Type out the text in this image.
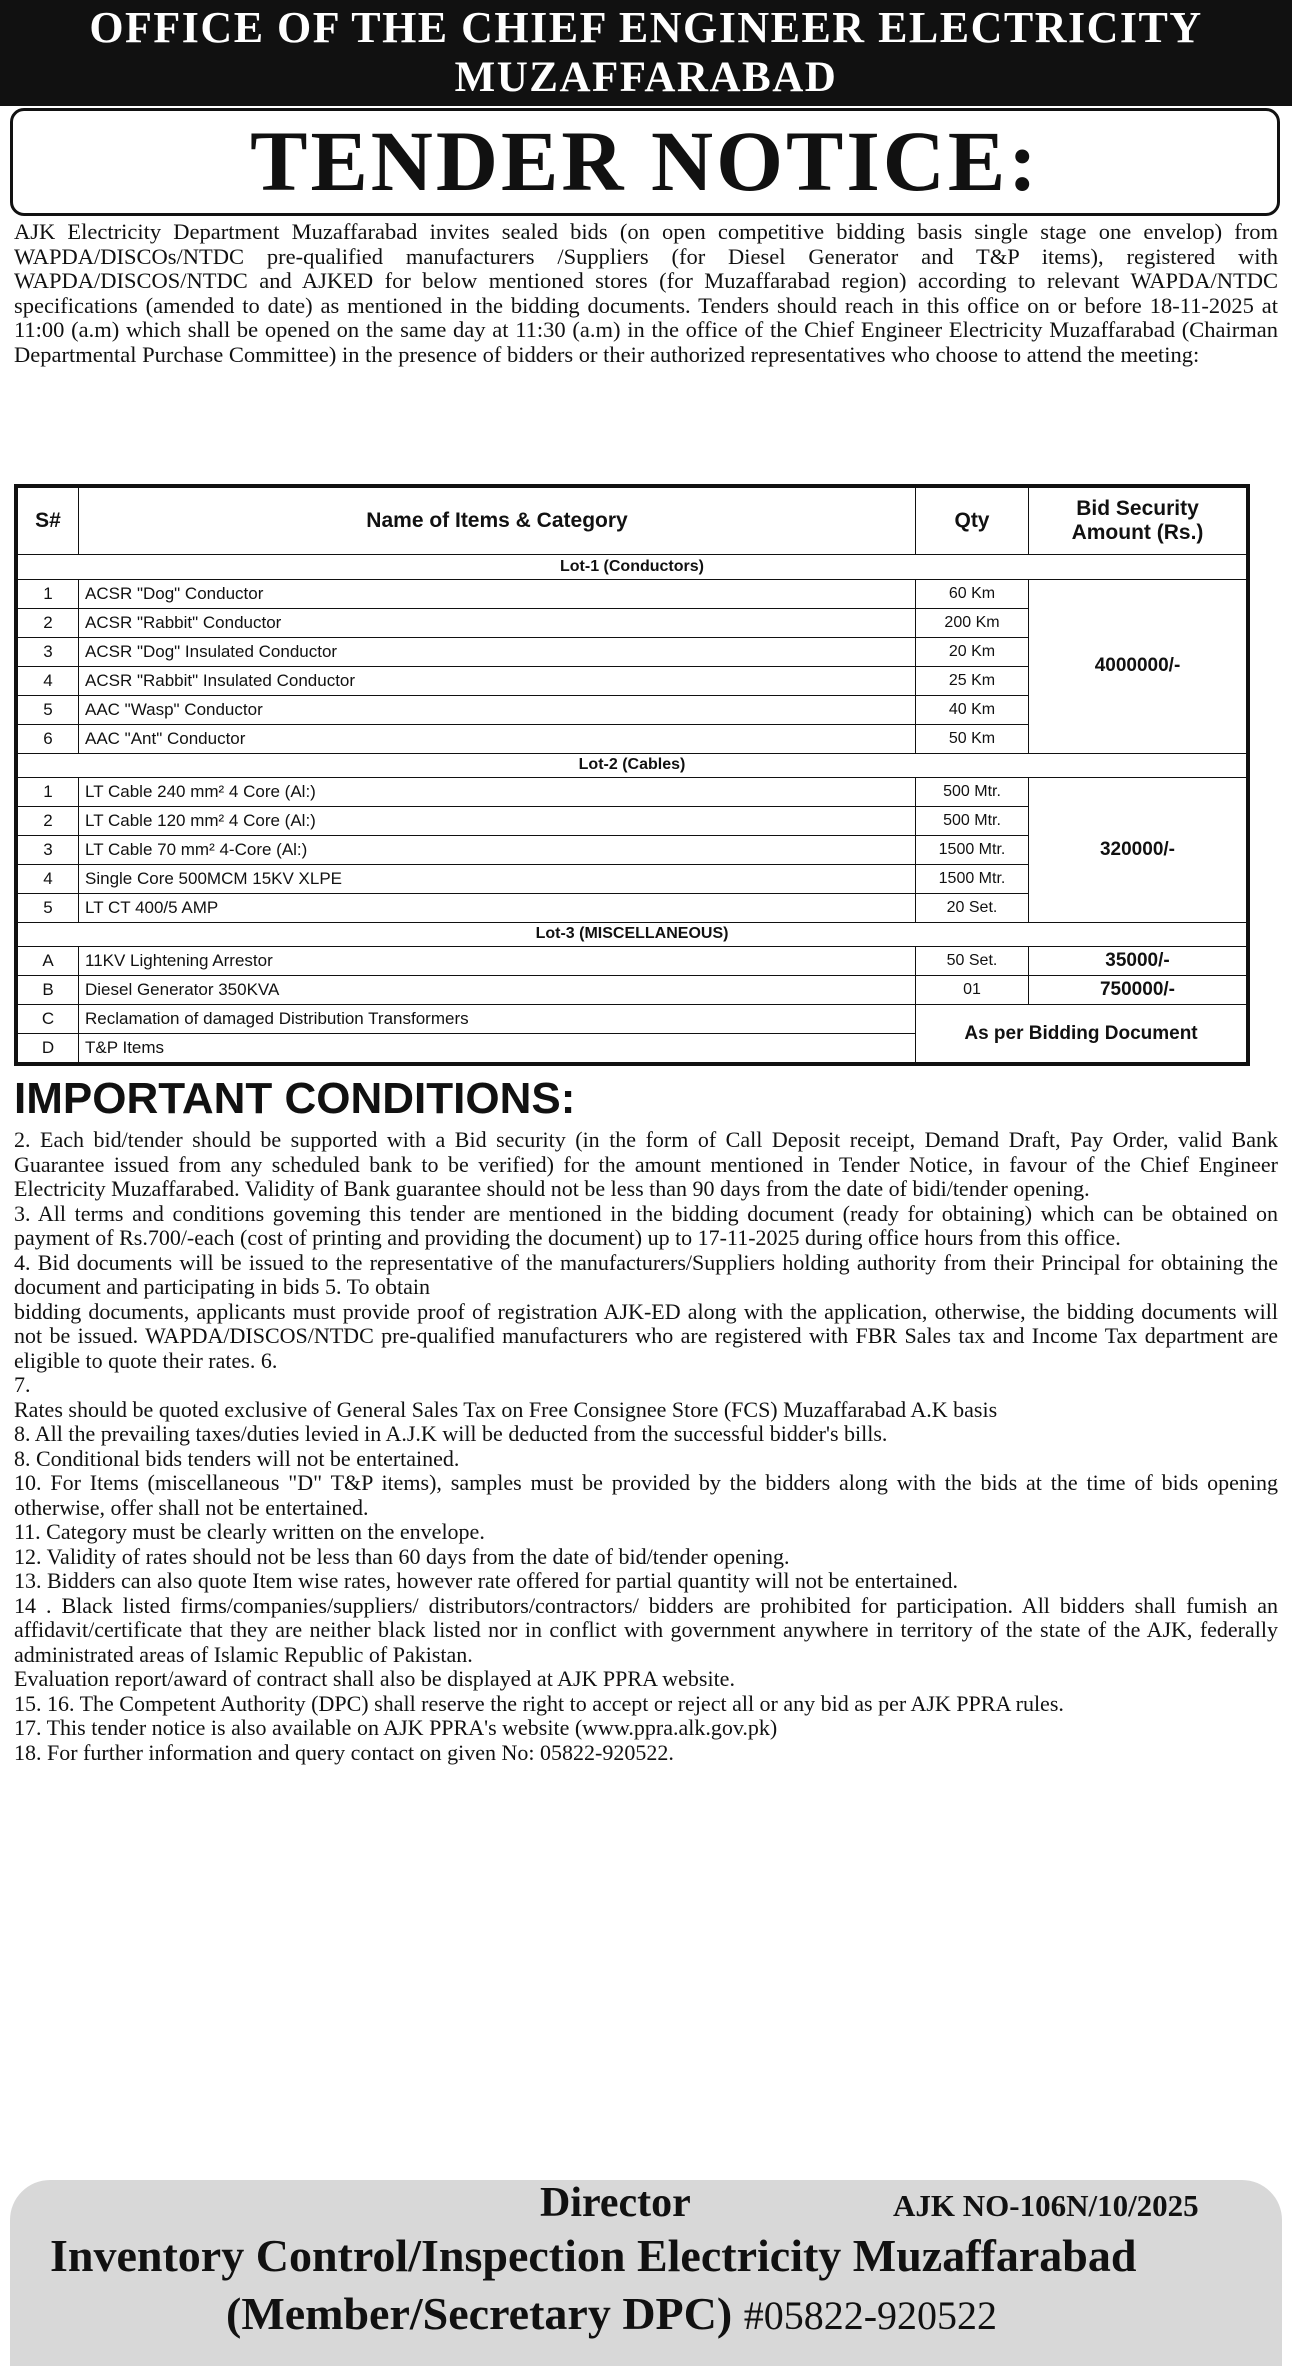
OFFICE OF THE CHIEF ENGINEER ELECTRICITY
MUZAFFARABAD
TENDER NOTICE:
AJK Electricity Department Muzaffarabad invites sealed bids (on open competitive bidding basis single stage one envelop) from WAPDA/DISCOs/NTDC pre-qualified manufacturers /Suppliers (for Diesel Generator and T&P items), registered with WAPDA/DISCOS/NTDC and AJKED for below mentioned stores (for Muzaffarabad region) according to relevant WAPDA/NTDC specifications (amended to date) as mentioned in the bidding documents. Tenders should reach in this office on or before 18-11-2025 at 11:00 (a.m) which shall be opened on the same day at 11:30 (a.m) in the office of the Chief Engineer Electricity Muzaffarabad (Chairman Departmental Purchase Committee) in the presence of bidders or their authorized representatives who choose to attend the meeting:
S#	Name of Items & Category	Qty	Bid Security Amount (Rs.)
Lot-1 (Conductors)			
1	ACSR "Dog" Conductor	60 Km	4000000/-
2	ACSR "Rabbit" Conductor	200 Km	
3	ACSR "Dog" Insulated Conductor	20 Km	
4	ACSR "Rabbit" Insulated Conductor	25 Km	
5	AAC "Wasp" Conductor	40 Km	
6	AAC "Ant" Conductor	50 Km	
Lot-2 (Cables)			
1	LT Cable 240 mm² 4 Core (Al:)	500 Mtr.	320000/-
2	LT Cable 120 mm² 4 Core (Al:)	500 Mtr.	
3	LT Cable 70 mm² 4-Core (Al:)	1500 Mtr.	
4	Single Core 500MCM 15KV XLPE	1500 Mtr.	
5	LT CT 400/5 AMP	20 Set.	
Lot-3 (MISCELLANEOUS)			
A	11KV Lightening Arrestor	50 Set.	35000/-
B	Diesel Generator 350KVA	01	750000/-
C	Reclamation of damaged Distribution Transformers	As per Bidding Document	
D	T&P Items		
IMPORTANT CONDITIONS:

2. Each bid/tender should be supported with a Bid security (in the form of Call Deposit receipt, Demand Draft, Pay Order, valid Bank Guarantee issued from any scheduled bank to be verified) for the amount mentioned in Tender Notice, in favour of the Chief Engineer Electricity Muzaffarabed. Validity of Bank guarantee should not be less than 90 days from the date of bidi/tender opening.

3. All terms and conditions goveming this tender are mentioned in the bidding document (ready for obtaining) which can be obtained on payment of Rs.700/-each (cost of printing and providing the document) up to 17-11-2025 during office hours from this office.

4. Bid documents will be issued to the representative of the manufacturers/Suppliers holding authority from their Principal for obtaining the document and participating in bids 5. To obtain

bidding documents, applicants must provide proof of registration AJK-ED along with the application, otherwise, the bidding documents will not be issued. WAPDA/DISCOS/NTDC pre-qualified manufacturers who are registered with FBR Sales tax and Income Tax department are eligible to quote their rates. 6.

7.

Rates should be quoted exclusive of General Sales Tax on Free Consignee Store (FCS) Muzaffarabad A.K basis

8. All the prevailing taxes/duties levied in A.J.K will be deducted from the successful bidder's bills.

8. Conditional bids tenders will not be entertained.

10. For Items (miscellaneous "D" T&P items), samples must be provided by the bidders along with the bids at the time of bids opening otherwise, offer shall not be entertained.

11. Category must be clearly written on the envelope.

12. Validity of rates should not be less than 60 days from the date of bid/tender opening.

13. Bidders can also quote Item wise rates, however rate offered for partial quantity will not be entertained.

14 . Black listed firms/companies/suppliers/ distributors/contractors/ bidders are prohibited for participation. All bidders shall fumish an affidavit/certificate that they are neither black listed nor in conflict with government anywhere in territory of the state of the AJK, federally administrated areas of Islamic Republic of Pakistan.

Evaluation report/award of contract shall also be displayed at AJK PPRA website.

15. 16. The Competent Authority (DPC) shall reserve the right to accept or reject all or any bid as per AJK PPRA rules.

17. This tender notice is also available on AJK PPRA's website (www.ppra.alk.gov.pk)

18. For further information and query contact on given No: 05822-920522.

Director	AJK NO-106N/10/2025
Inventory Control/Inspection Electricity Muzaffarabad
(Member/Secretary DPC) #05822-920522
